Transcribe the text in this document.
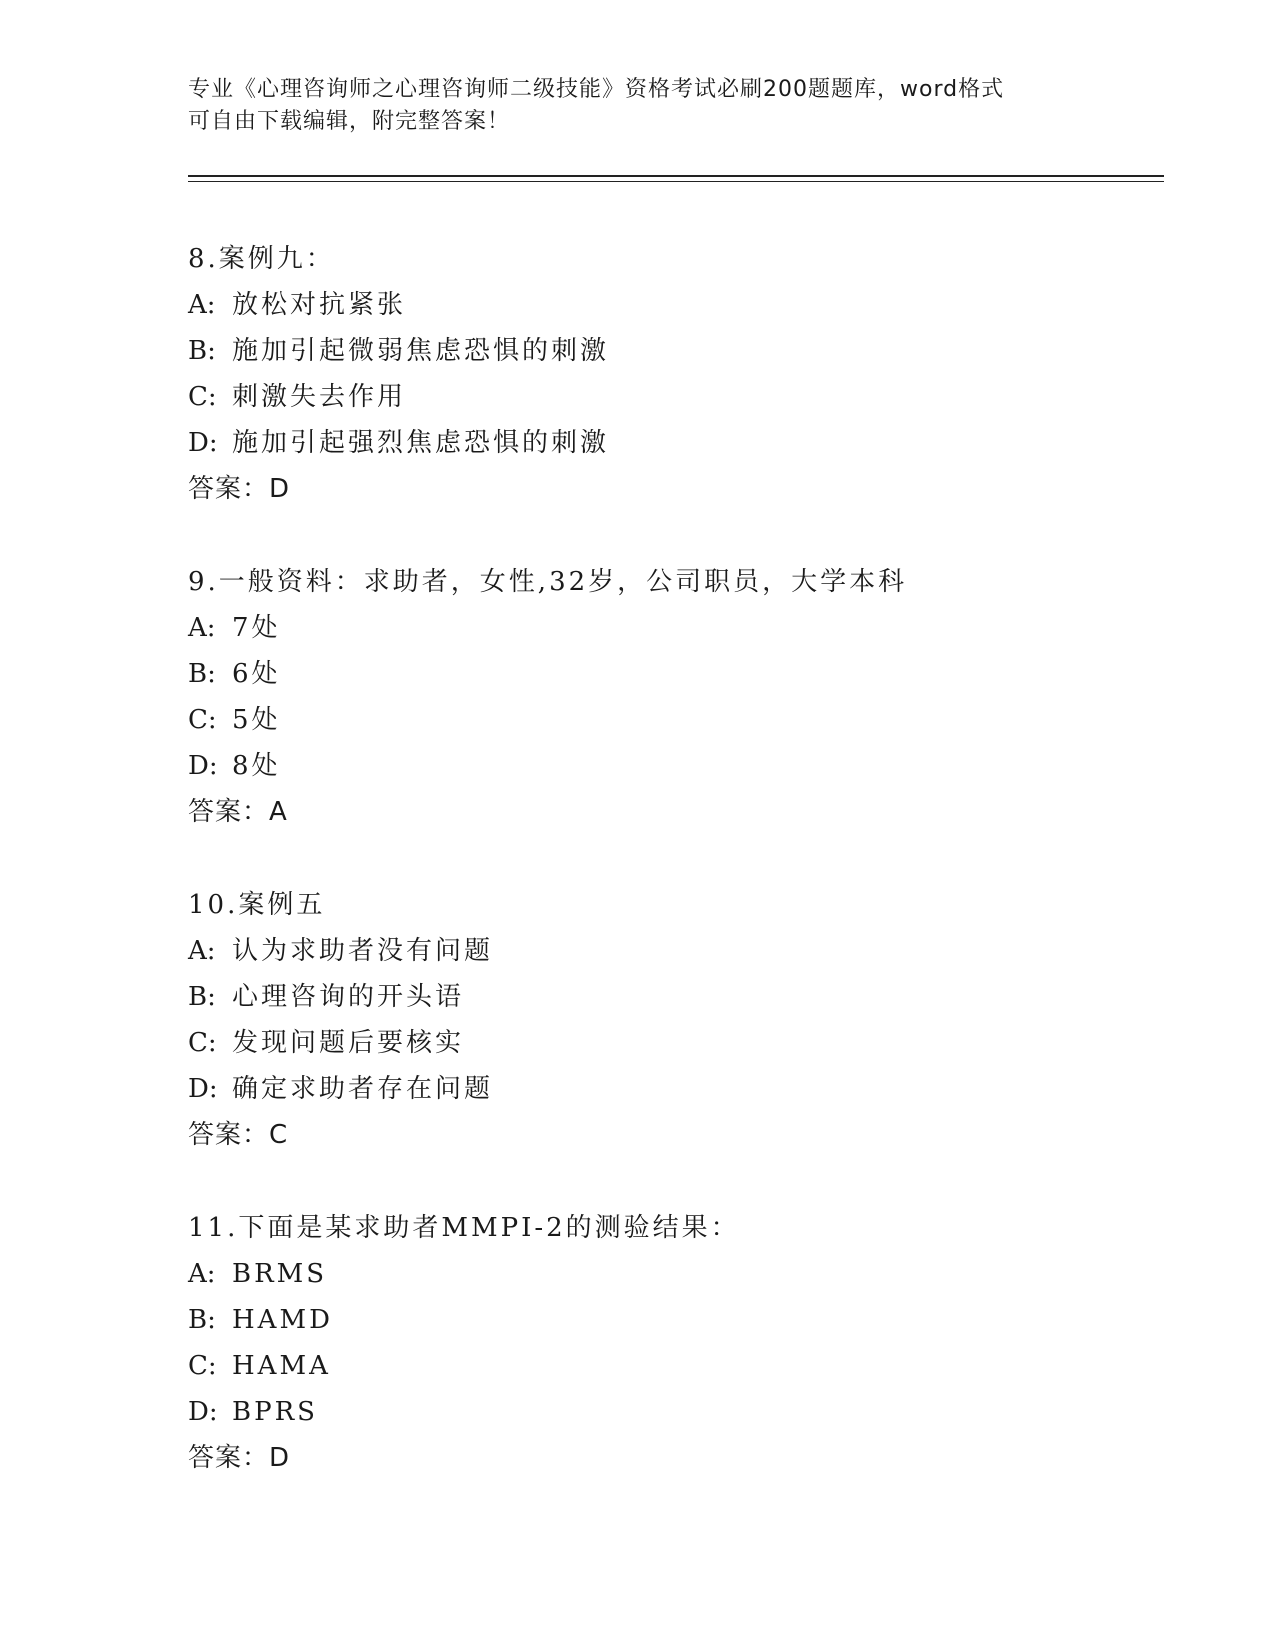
专业《心理咨询师之心理咨询师二级技能》资格考试必刷200题题库，word格式
可自由下载编辑，附完整答案！
8.案例九：
A: 放松对抗紧张
B: 施加引起微弱焦虑恐惧的刺激
C: 刺激失去作用
D: 施加引起强烈焦虑恐惧的刺激
答案：D
9.一般资料：求助者，女性,32岁，公司职员，大学本科
A: 7处
B: 6处
C: 5处
D: 8处
答案：A
10.案例五
A: 认为求助者没有问题
B: 心理咨询的开头语
C: 发现问题后要核实
D: 确定求助者存在问题
答案：C
11.下面是某求助者MMPI-2的测验结果：
A: BRMS
B: HAMD
C: HAMA
D: BPRS
答案：D
